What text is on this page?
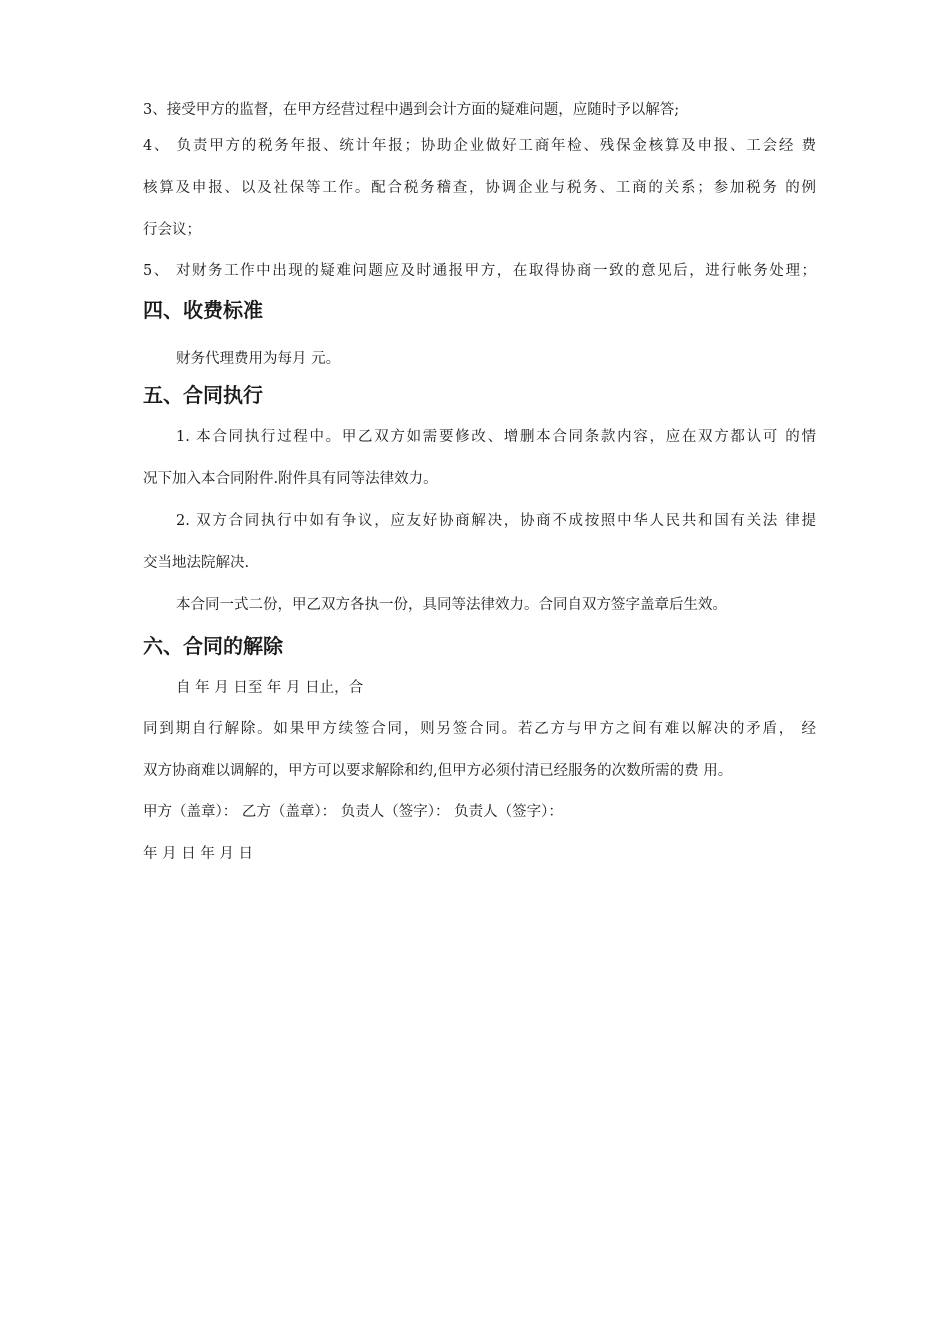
3、接受甲方的监督，在甲方经营过程中遇到会计方面的疑难问题，应随时予以解答;
4、 负责甲方的税务年报、统计年报；协助企业做好工商年检、残保金核算及申报、工会经 费
核算及申报、以及社保等工作。配合税务稽查，协调企业与税务、工商的关系；参加税务 的例
行会议；
5、 对财务工作中出现的疑难问题应及时通报甲方，在取得协商一致的意见后，进行帐务处理；
四、收费标准
财务代理费用为每月 元。
五、合同执行
1. 本合同执行过程中。甲乙双方如需要修改、增删本合同条款内容，应在双方都认可 的情
况下加入本合同附件.附件具有同等法律效力。
2. 双方合同执行中如有争议，应友好协商解决，协商不成按照中华人民共和国有关法 律提
交当地法院解决.
本合同一式二份，甲乙双方各执一份，具同等法律效力。合同自双方签字盖章后生效。
六、合同的解除
自 年 月 日至 年 月 日止，合
同到期自行解除。如果甲方续签合同，则另签合同。若乙方与甲方之间有难以解决的矛盾， 经
双方协商难以调解的，甲方可以要求解除和约,但甲方必须付清已经服务的次数所需的费 用。
甲方（盖章）： 乙方（盖章）： 负责人（签字）： 负责人（签字）：
年 月 日 年 月 日
